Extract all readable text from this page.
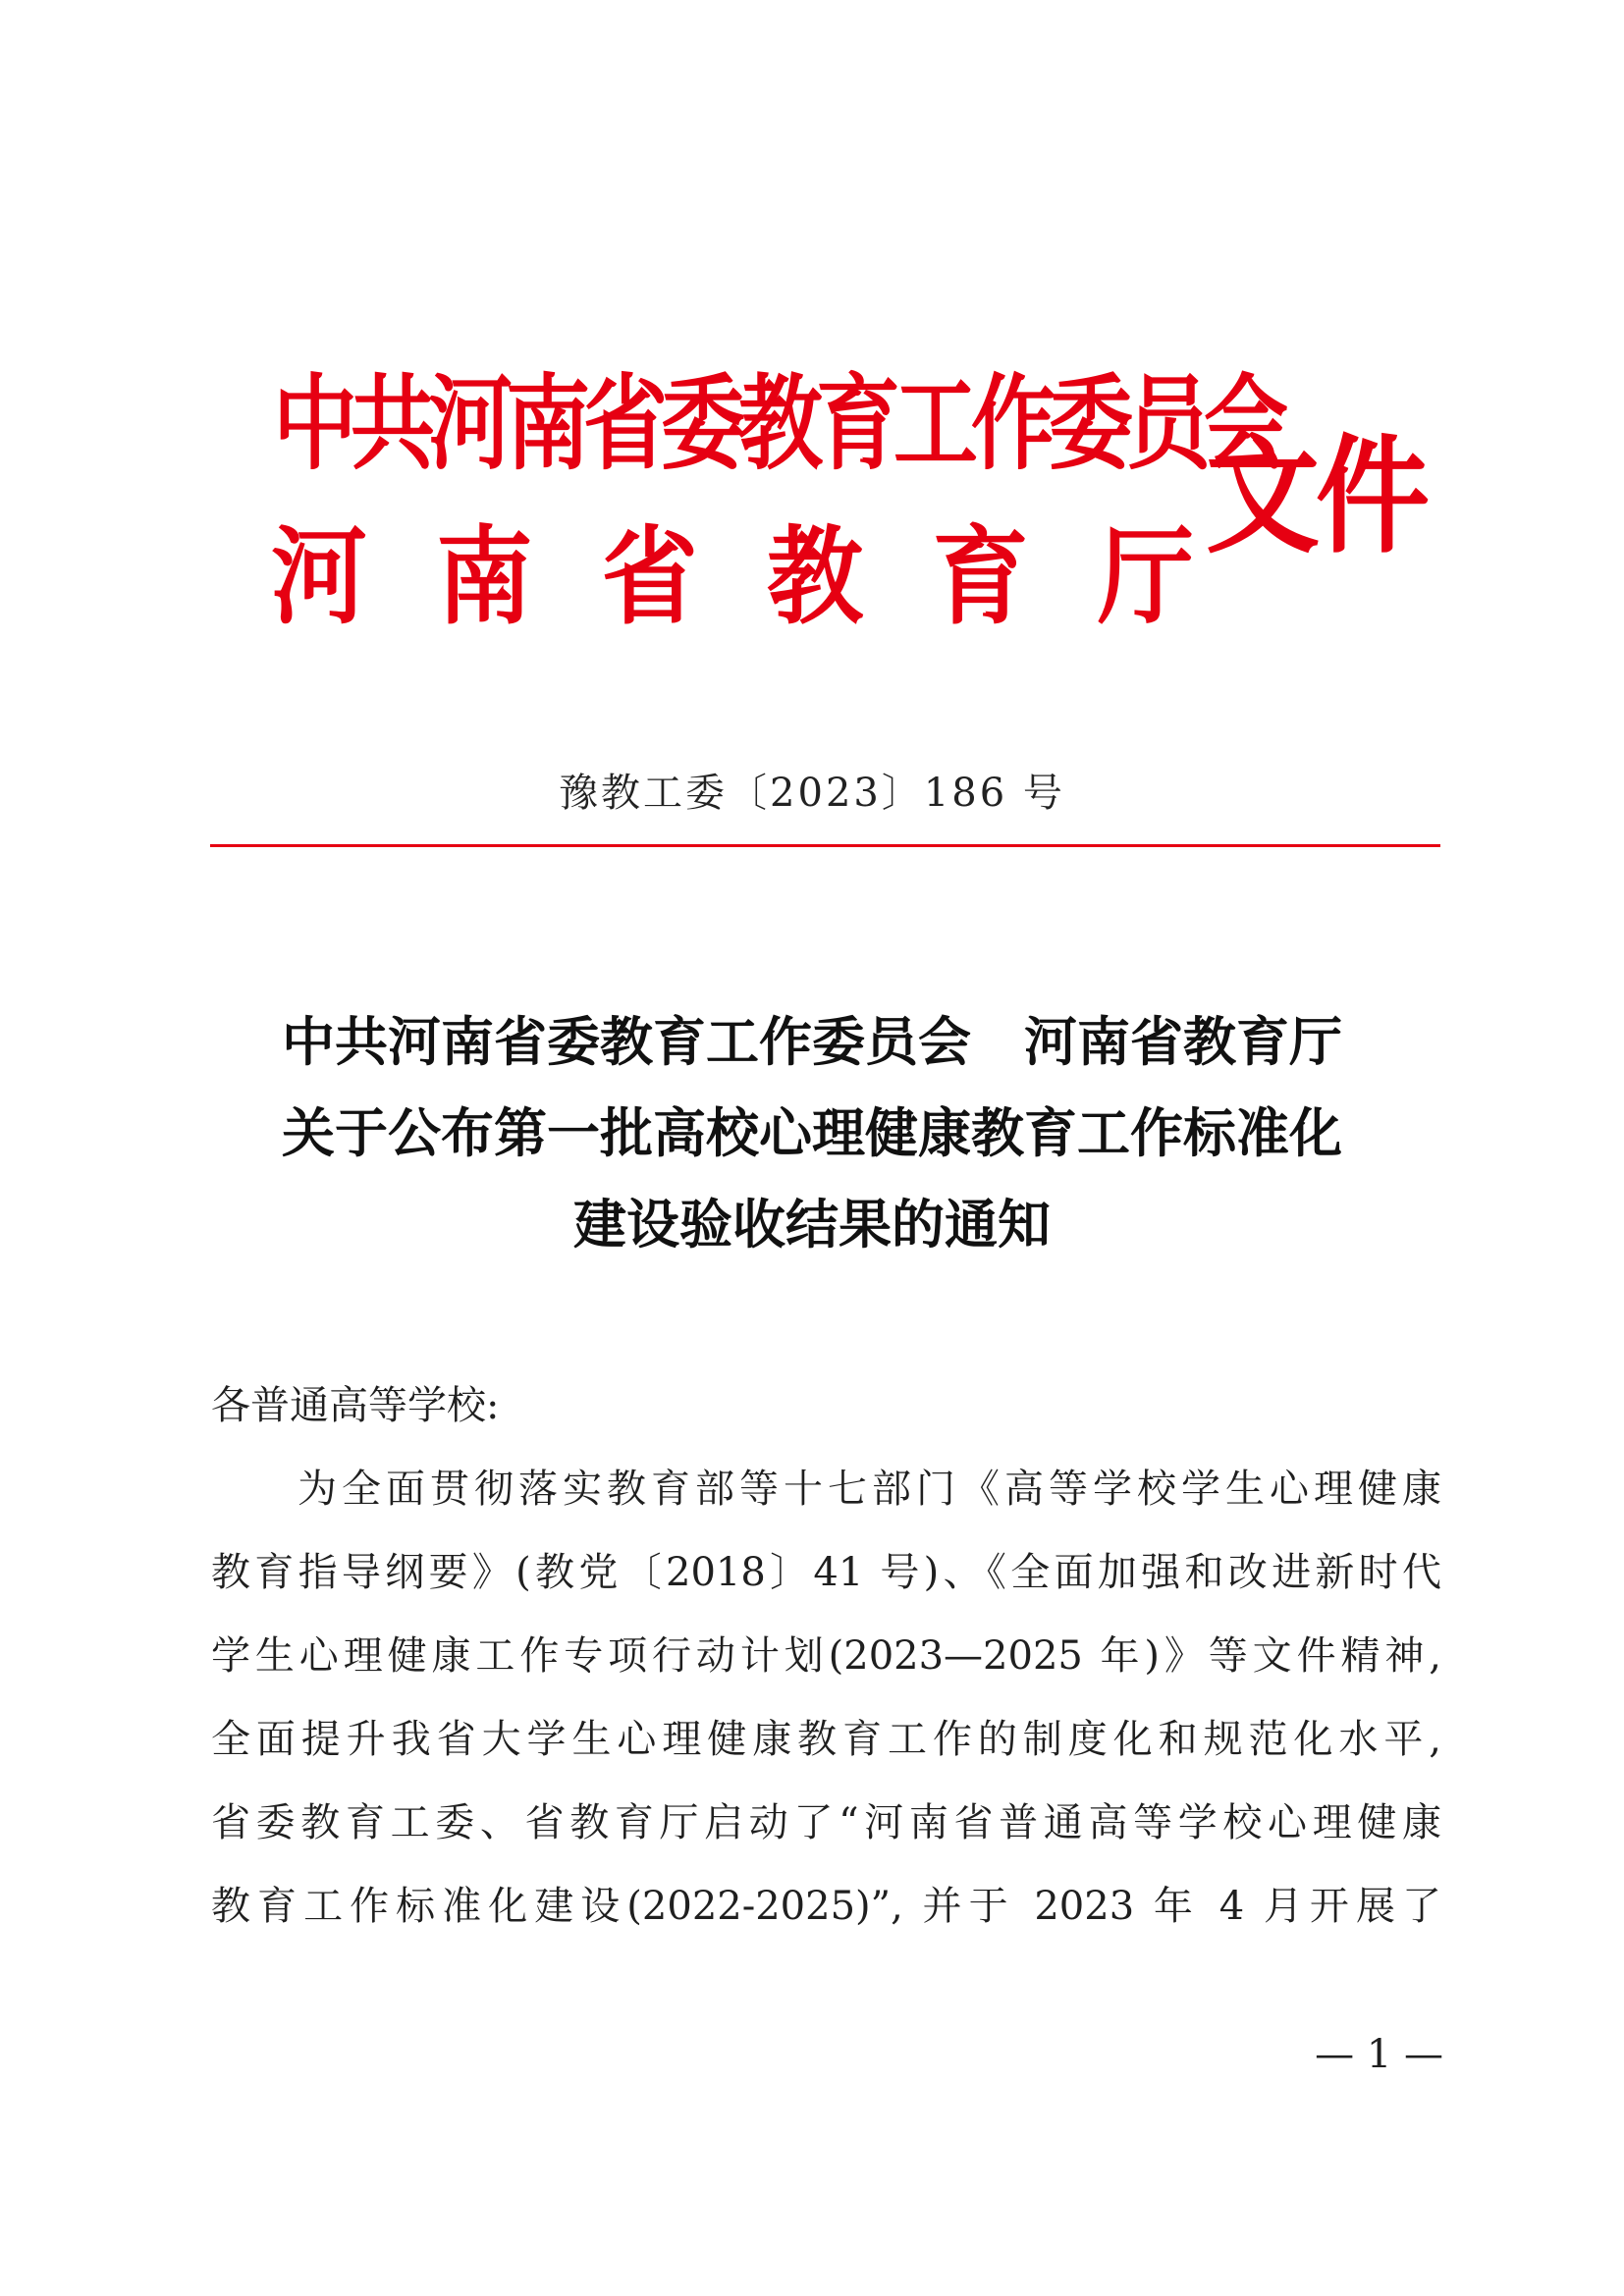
中共河南省委教育工作委员会
河 南 省 教 育 厅
文件
豫教工委〔2023〕186 号
中共河南省委教育工作委员会　河南省教育厅
关于公布第一批高校心理健康教育工作标准化
建设验收结果的通知
各普通高等学校:
为全面贯彻落实教育部等十七部门《高等学校学生心理健康
教育指导纲要》(教党〔2018〕41 号)、《全面加强和改进新时代
学生心理健康工作专项行动计划(2023—2025 年)》等文件精神,
全面提升我省大学生心理健康教育工作的制度化和规范化水平,
省委教育工委、省教育厅启动了“河南省普通高等学校心理健康
教育工作标准化建设(2022-2025)”, 并于 2023 年 4 月开展了
— 1 —
